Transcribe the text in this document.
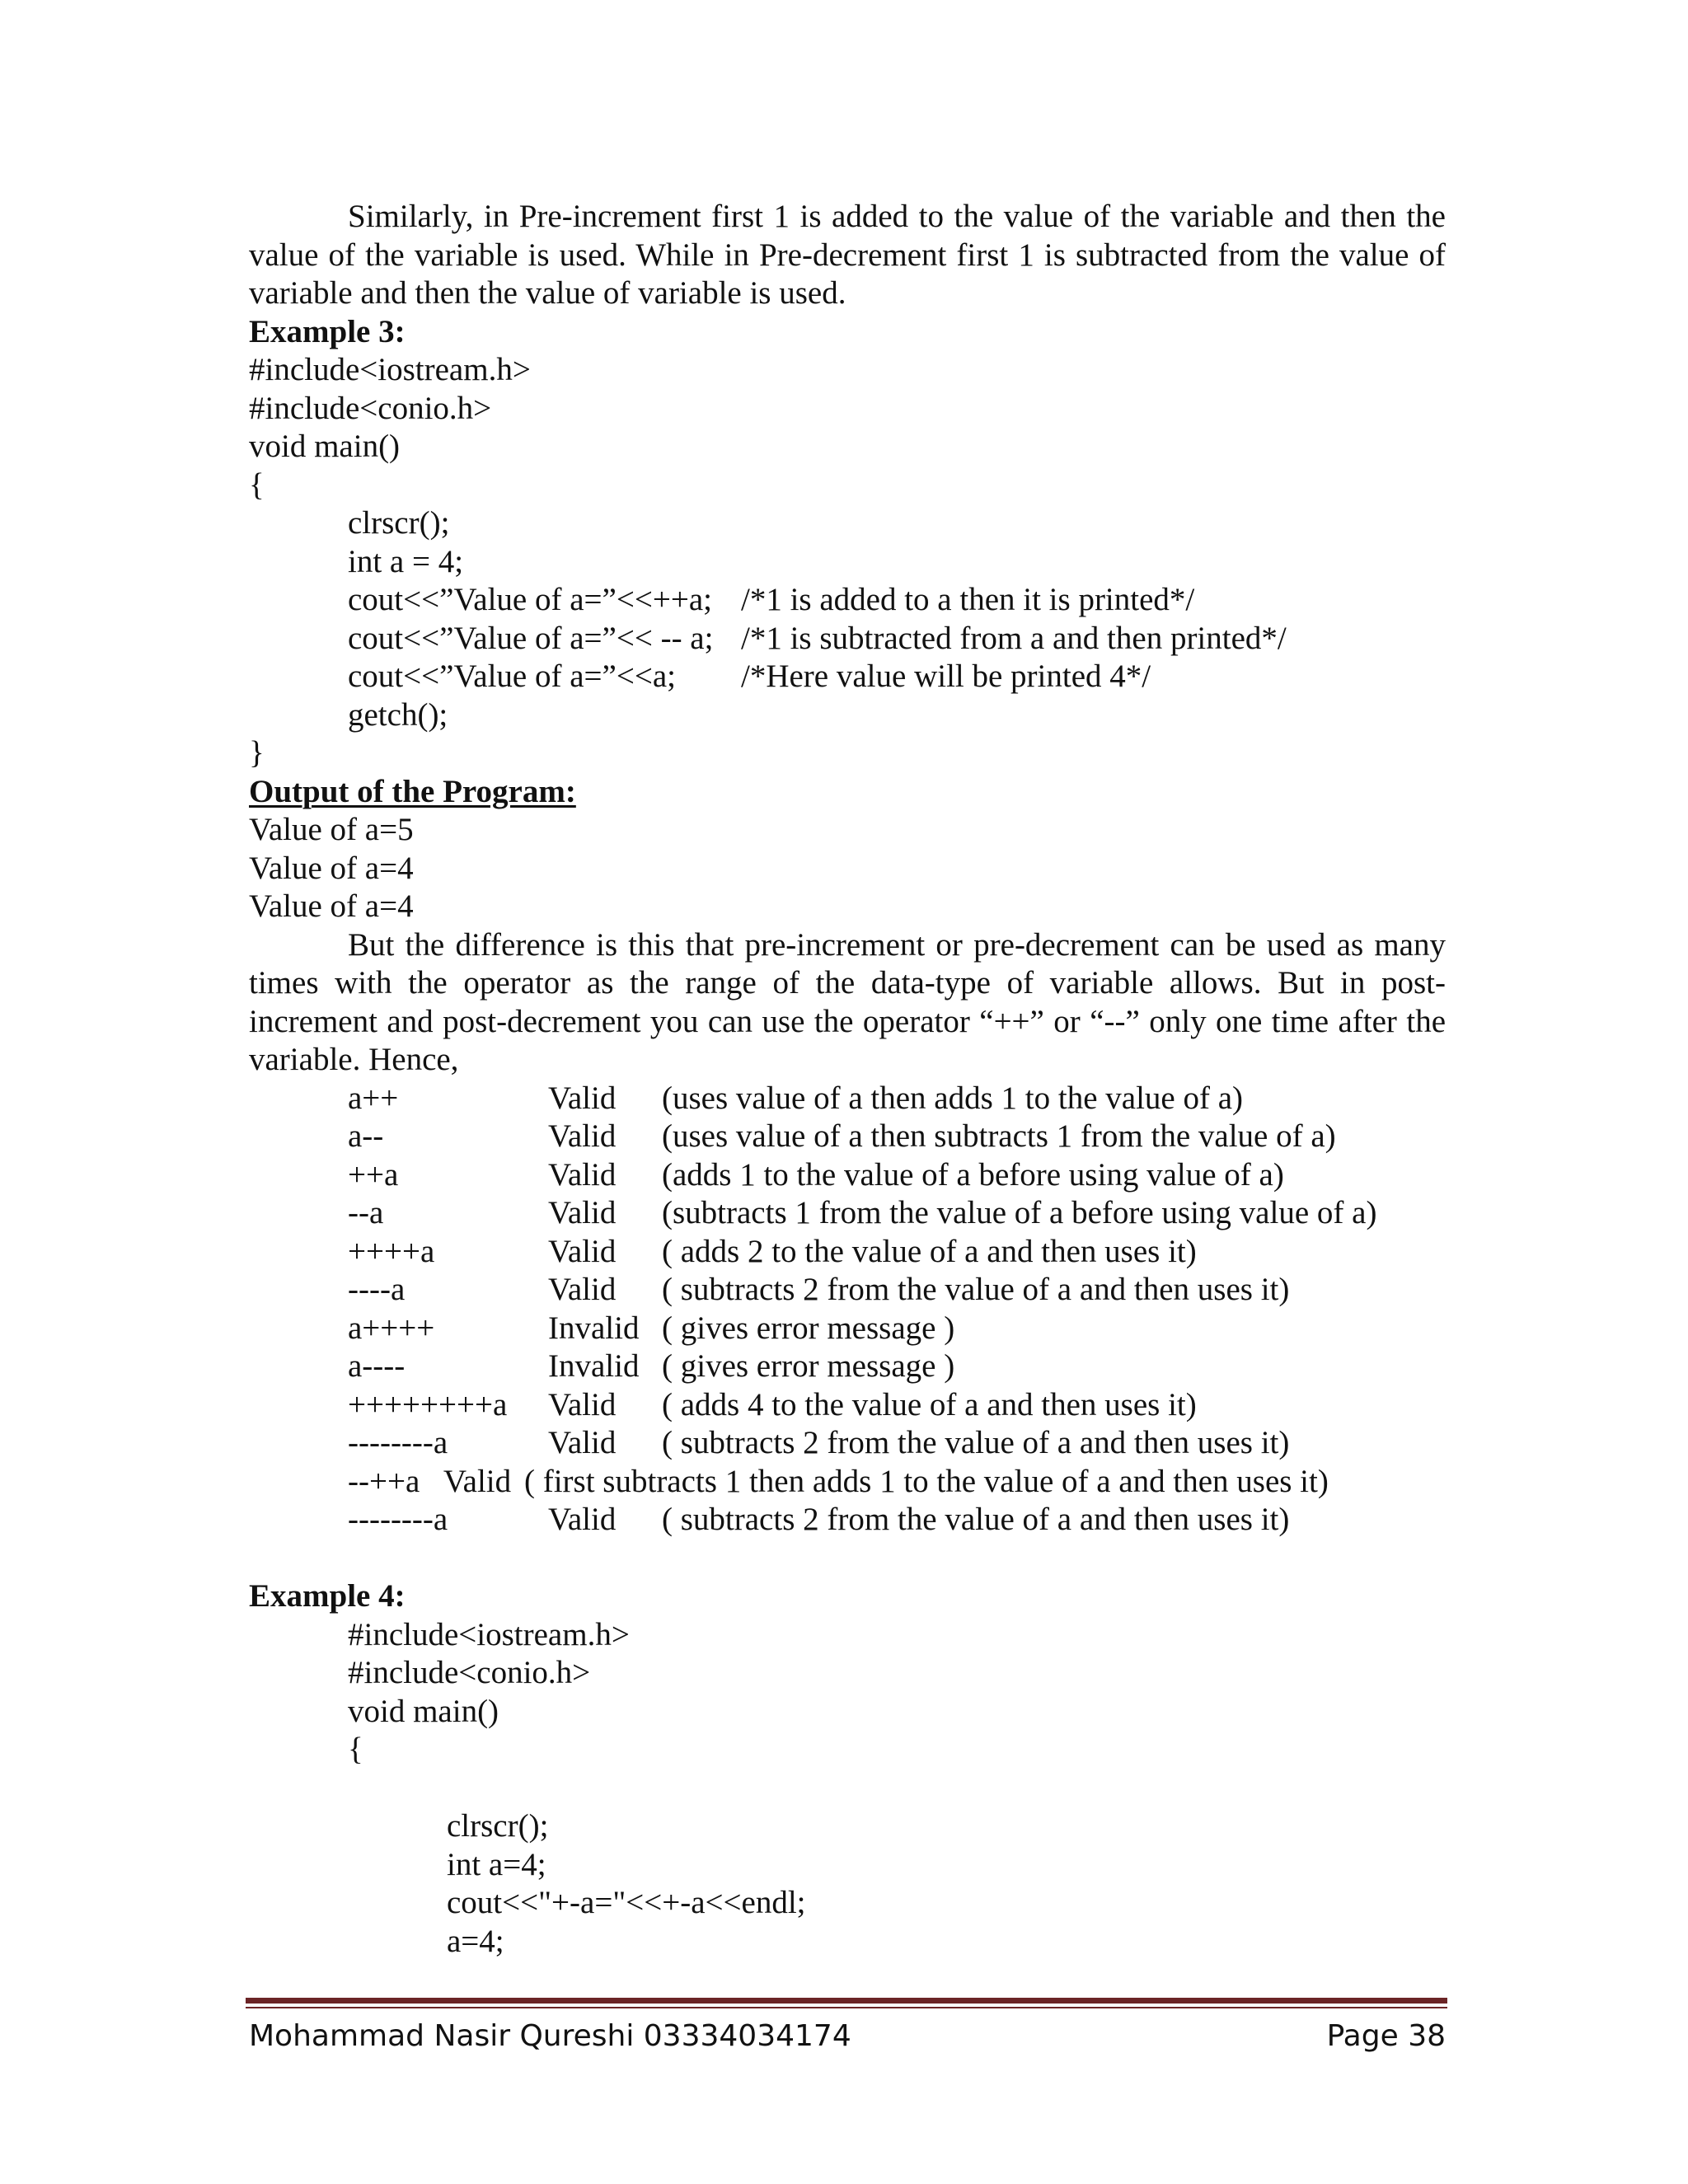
Similarly, in Pre-increment first 1 is added to the value of the variable and then the value of the variable is used. While in Pre-decrement first 1 is subtracted from the value of variable and then the value of variable is used.

Example 3:
#include<iostream.h>
#include<conio.h>
void main()
{
clrscr();
int a = 4;
cout<<”Value of a=”<<++a; /*1 is added to a then it is printed*/
cout<<”Value of a=”<< -- a; /*1 is subtracted from a and then printed*/
cout<<”Value of a=”<<a;	/*Here value will be printed 4*/
getch();
}
Output of the Program:
Value of a=5
Value of a=4
Value of a=4

But the difference is this that pre-increment or pre-decrement can be used as many times with the operator as the range of the data-type of variable allows. But in post-increment and post-decrement you can use the operator “++” or “--” only one time after the variable. Hence,

a++	Valid	(uses value of a then adds 1 to the value of a)
a--	Valid	(uses value of a then subtracts 1 from the value of a)
++a	Valid	(adds 1 to the value of a before using value of a)
--a	Valid	(subtracts 1 from the value of a before using value of a)
++++a	Valid	( adds 2 to the value of a and then uses it)
----a	Valid	( subtracts 2 from the value of a and then uses it)
a++++	Invalid ( gives error message )
a----	Invalid ( gives error message )
++++++++a	Valid	( adds 4 to the value of a and then uses it)
--------a	Valid	( subtracts 2 from the value of a and then uses it)
--++a   Valid ( first subtracts 1 then adds 1 to the value of a and then uses it)
--------a	Valid	( subtracts 2 from the value of a and then uses it)
Example 4:
#include<iostream.h>
#include<conio.h>
void main()
{
clrscr();
int a=4;
cout<<"+-a="<<+-a<<endl;
a=4;
Mohammad Nasir Qureshi 03334034174	Page 38
